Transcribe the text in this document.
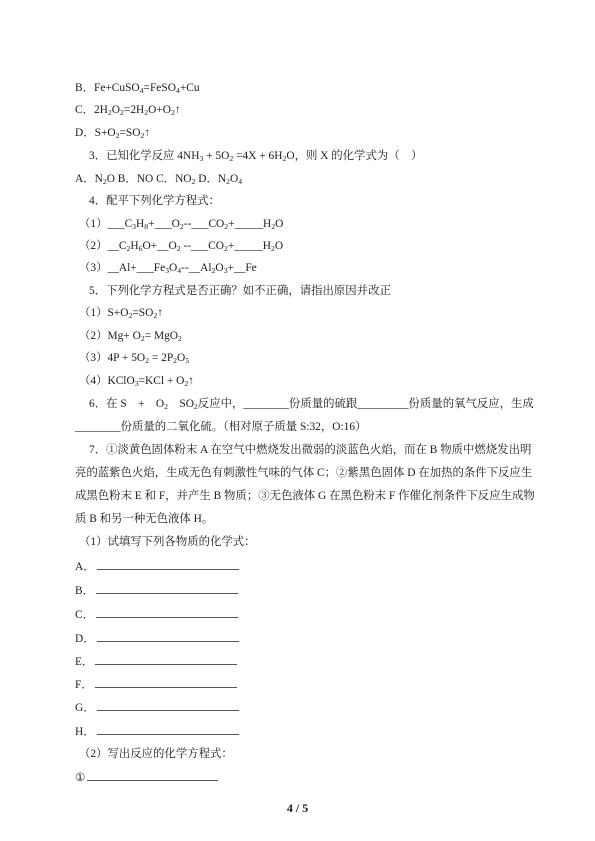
B．Fe+CuSO$_4$=FeSO$_4$+Cu
C．$2H_2O_2=2H_2O+O_2↑$
D．$S+O_2=SO_2↑$
3．已知化学反应 $4NH_3 + 5O_2 =4X + 6H_2O$，则 X 的化学式为（　）
A．$N_2O$ B．NO C．$NO_2$ D．$N_2O_4$
4．配平下列化学方程式：
$(1)\_\_\_C_3H_8+\_\_\_O_2--\_\_\_CO_2+\_\_\_\_\_H_2O$
$(2)\_\_C_2H_6O+\_\_O_2$ $--\_\_\_CO_2+\_\_\_\_\_H_2O$
$(3)\_\_Al+\_\_\_Fe_3O_4--\_\_Al_2O_3+\_\_Fe$
5．下列化学方程式是否正确？如不正确，请指出原因并改正
$(1)S+O_2=SO_2↑$
$(2)Mg+ O_2= MgO_2$
$(3)4P + 5O_2 = 2P_2O_5$
（4）KClO$_3$=KCl + $O_2↑$
6．在 S　+　$O_2$　$SO_2$反应中，________份质量的硫跟_________份质量的氧气反应，生成
________份质量的二氧化硫。（相对原子质量 S:32，O:16）
7．①淡黄色固体粉末 A 在空气中燃烧发出微弱的淡蓝色火焰，而在 B 物质中燃烧发出明
亮的蓝紫色火焰，生成无色有刺激性气味的气体 C；②紫黑色固体 D 在加热的条件下反应生
成黑色粉末 E 和 F，并产生 B 物质；③无色液体 G 在黑色粉末 F 作催化剂条件下反应生成物
质 B 和另一种无色液体 H。
（1）试填写下列各物质的化学式：
A．
B．
C．
D．
E．
F．
G．
H．
（2）写出反应的化学方程式：
①
4 / 5
